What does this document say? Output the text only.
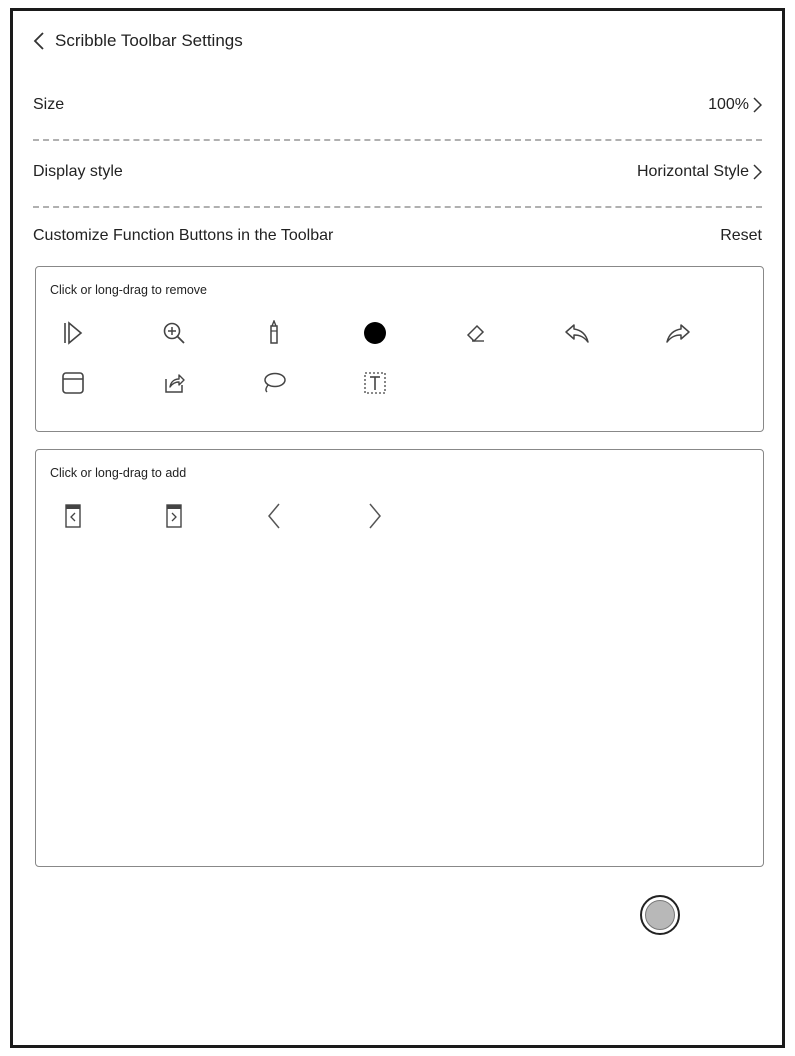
Scribble Toolbar Settings
Size	100%
Display style	Horizontal Style
Customize Function Buttons in the Toolbar	Reset
Click or long-drag to remove
Click or long-drag to add
